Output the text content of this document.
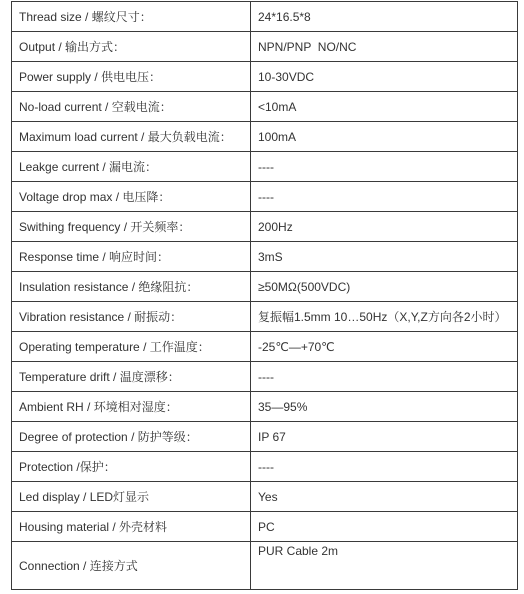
Thread size / 螺纹尺寸：	24*16.5*8
Output / 输出方式：	NPN/PNP  NO/NC
Power supply / 供电电压：	10-30VDC
No-load current / 空载电流：	<10mA
Maximum load current / 最大负载电流：	100mA
Leakge current / 漏电流：	----
Voltage drop max / 电压降：	----
Swithing frequency / 开关频率：	200Hz
Response time / 响应时间：	3mS
Insulation resistance / 绝缘阻抗：	≥50MΩ(500VDC)
Vibration resistance / 耐振动：	复振幅1.5mm 10…50Hz（X,Y,Z方向各2小时）
Operating temperature / 工作温度：	-25℃—+70℃
Temperature drift / 温度漂移：	----
Ambient RH / 环境相对湿度：	35—95%
Degree of protection / 防护等级：	IP 67
Protection /保护：	----
Led display / LED灯显示	Yes
Housing material / 外壳材料	PC
Connection / 连接方式	PUR Cable 2m
